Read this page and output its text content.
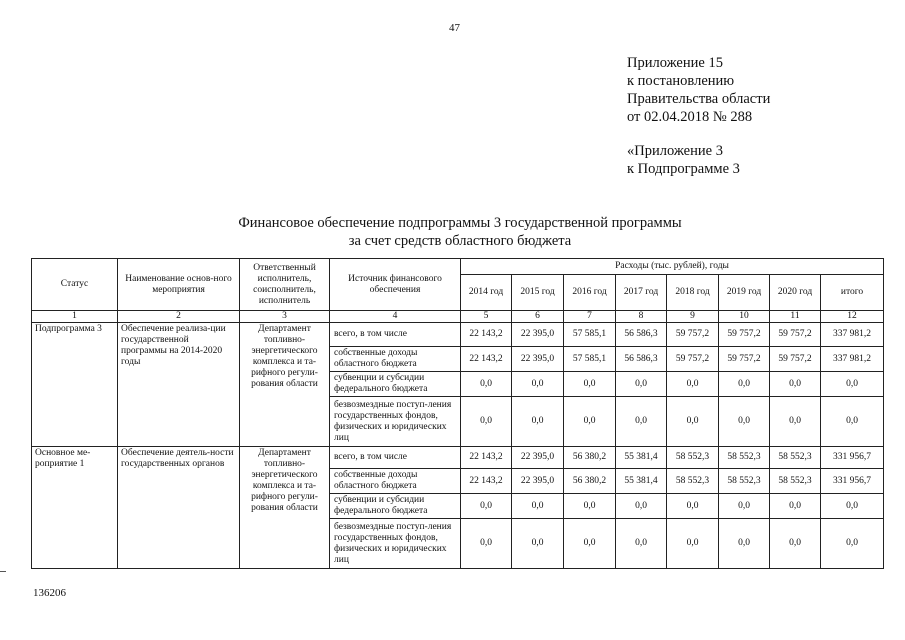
47
Приложение 15
к постановлению
Правительства области
от 02.04.2018 № 288
«Приложение 3
к Подпрограмме 3
Финансовое обеспечение подпрограммы 3 государственной программы
за счет средств областного бюджета
Статус	Наименование основ-ного мероприятия	Ответственный исполнитель, соисполнитель, исполнитель	Источник финансового обеспечения	Расходы (тыс. рублей), годы							
				2014 год	2015 год	2016 год	2017 год	2018 год	2019 год	2020 год	итого
1	2	3	4	5	6	7	8	9	10	11	12
Подпрограмма 3	Обеспечение реализа-ции государственной программы на 2014-2020 годы	Департамент топливно-энергетического комплекса и та-рифного регули-рования области	всего, в том числе	22 143,2	22 395,0	57 585,1	56 586,3	59 757,2	59 757,2	59 757,2	337 981,2
			собственные доходы областного бюджета	22 143,2	22 395,0	57 585,1	56 586,3	59 757,2	59 757,2	59 757,2	337 981,2
			субвенции и субсидии федерального бюджета	0,0	0,0	0,0	0,0	0,0	0,0	0,0	0,0
			безвозмездные поступ-ления государственных фондов, физических и юридических лиц	0,0	0,0	0,0	0,0	0,0	0,0	0,0	0,0
Основное ме-роприятие 1	Обеспечение деятель-ности государственных органов	Департамент топливно-энергетического комплекса и та-рифного регули-рования области	всего, в том числе	22 143,2	22 395,0	56 380,2	55 381,4	58 552,3	58 552,3	58 552,3	331 956,7
			собственные доходы областного бюджета	22 143,2	22 395,0	56 380,2	55 381,4	58 552,3	58 552,3	58 552,3	331 956,7
			субвенции и субсидии федерального бюджета	0,0	0,0	0,0	0,0	0,0	0,0	0,0	0,0
			безвозмездные поступ-ления государственных фондов, физических и юридических лиц	0,0	0,0	0,0	0,0	0,0	0,0	0,0	0,0
136206
